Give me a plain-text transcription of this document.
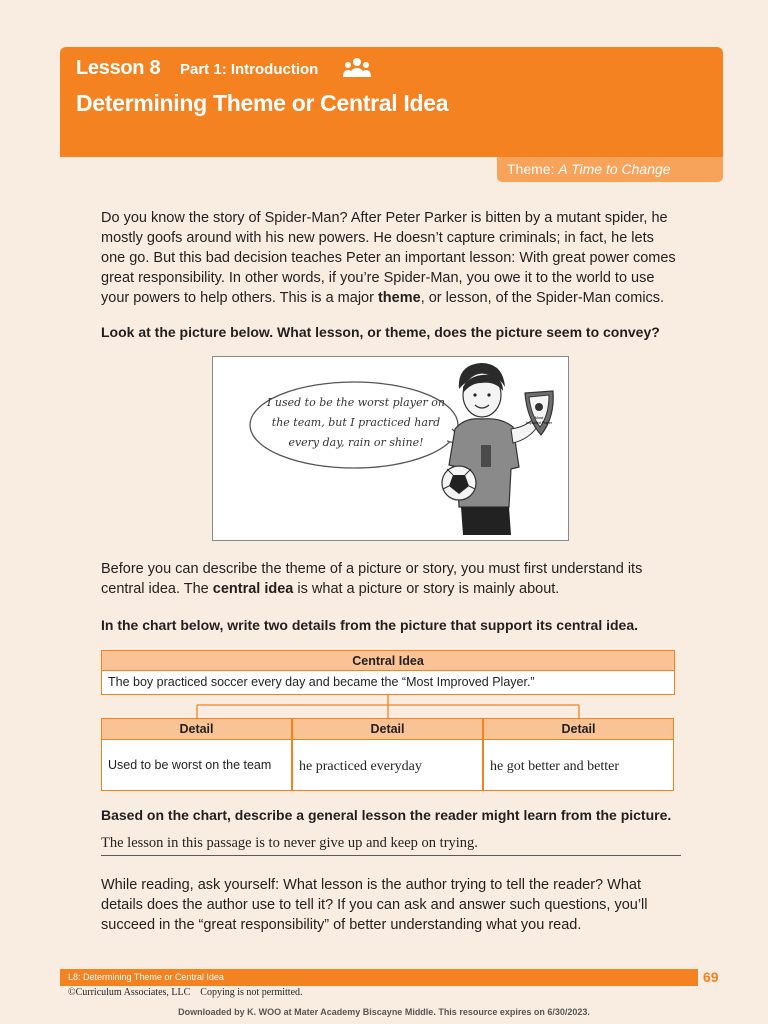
Lesson 8 Part 1: Introduction
Determining Theme or Central Idea
Theme: A Time to Change
Do you know the story of Spider-Man? After Peter Parker is bitten by a mutant spider, he mostly goofs around with his new powers. He doesn’t capture criminals; in fact, he lets one go. But this bad decision teaches Peter an important lesson: With great power comes great responsibility. In other words, if you’re Spider-Man, you owe it to the world to use your powers to help others. This is a major theme, or lesson, of the Spider-Man comics.
Look at the picture below. What lesson, or theme, does the picture seem to convey?
I used to be the worst player on
the team, but I practiced hard
every day, rain or shine!
Most
Improved Player
Before you can describe the theme of a picture or story, you must first understand its central idea. The central idea is what a picture or story is mainly about.
In the chart below, write two details from the picture that support its central idea.
Central Idea
The boy practiced soccer every day and became the “Most Improved Player.”
Detail	Detail	Detail
Used to be worst on the team	he practiced everyday	he got better and better
Based on the chart, describe a general lesson the reader might learn from the picture.
The lesson in this passage is to never give up and keep on trying.
While reading, ask yourself: What lesson is the author trying to tell the reader? What details does the author use to tell it? If you can ask and answer such questions, you’ll succeed in the “great responsibility” of better understanding what you read.
L8: Determining Theme or Central Idea	69
©Curriculum Associates, LLC    Copying is not permitted.
Downloaded by K. WOO at Mater Academy Biscayne Middle. This resource expires on 6/30/2023.
